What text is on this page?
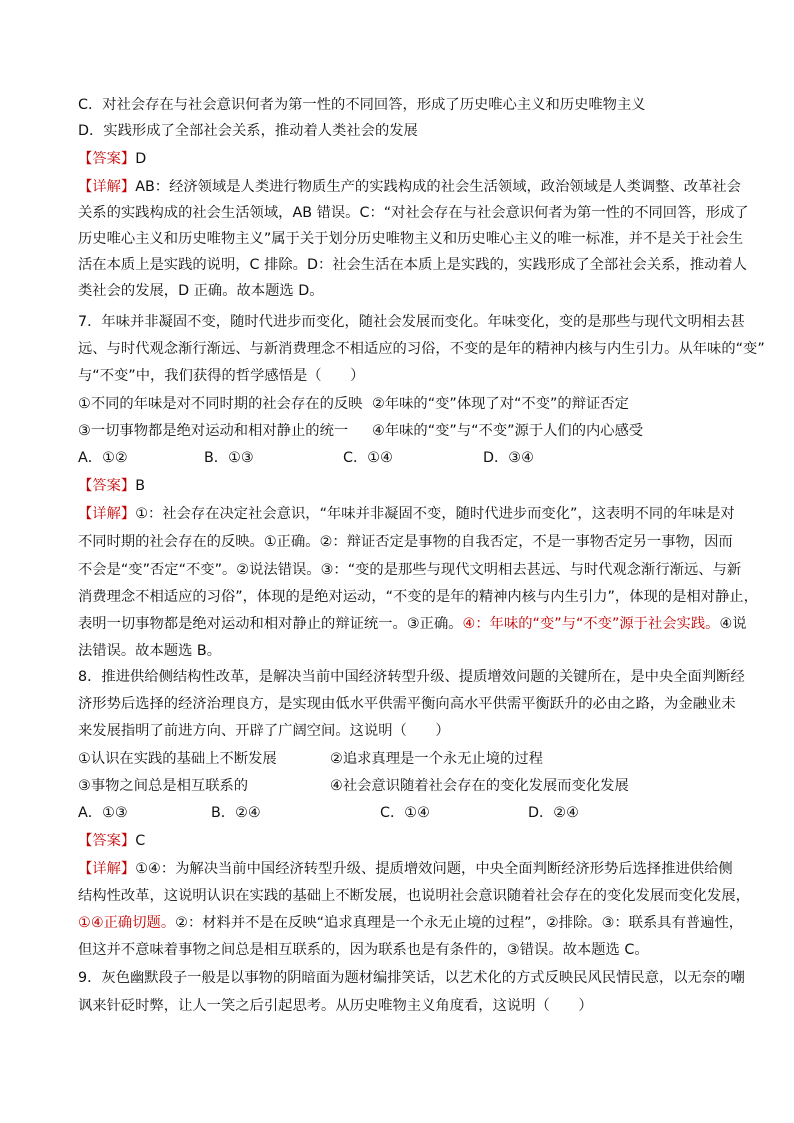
C．对社会存在与社会意识何者为第一性的不同回答，形成了历史唯心主义和历史唯物主义
D．实践形成了全部社会关系，推动着人类社会的发展
【答案】D
【详解】AB：经济领域是人类进行物质生产的实践构成的社会生活领域，政治领域是人类调整、改革社会
关系的实践构成的社会生活领域，AB 错误。C：“对社会存在与社会意识何者为第一性的不同回答，形成了
历史唯心主义和历史唯物主义”属于关于划分历史唯物主义和历史唯心主义的唯一标准，并不是关于社会生
活在本质上是实践的说明，C 排除。D：社会生活在本质上是实践的，实践形成了全部社会关系，推动着人
类社会的发展，D 正确。故本题选 D。
7．年味并非凝固不变，随时代进步而变化，随社会发展而变化。年味变化，变的是那些与现代文明相去甚
远、与时代观念渐行渐远、与新消费理念不相适应的习俗，不变的是年的精神内核与内生引力。从年味的“变”
与“不变”中，我们获得的哲学感悟是（　　）
①不同的年味是对不同时期的社会存在的反映 ②年味的“变”体现了对“不变”的辩证否定
③一切事物都是绝对运动和相对静止的统一 ④年味的“变”与“不变”源于人们的内心感受
A．①②	B．①③	C．①④	D．③④
【答案】B
【详解】①：社会存在决定社会意识，“年味并非凝固不变，随时代进步而变化”，这表明不同的年味是对
不同时期的社会存在的反映。①正确。②：辩证否定是事物的自我否定，不是一事物否定另一事物，因而
不会是“变”否定“不变”。②说法错误。③：“变的是那些与现代文明相去甚远、与时代观念渐行渐远、与新
消费理念不相适应的习俗”，体现的是绝对运动，“不变的是年的精神内核与内生引力”，体现的是相对静止，
表明一切事物都是绝对运动和相对静止的辩证统一。③正确。④：年味的“变”与“不变”源于社会实践。④说
法错误。故本题选 B。
8．推进供给侧结构性改革，是解决当前中国经济转型升级、提质增效问题的关键所在，是中央全面判断经
济形势后选择的经济治理良方，是实现由低水平供需平衡向高水平供需平衡跃升的必由之路，为金融业未
来发展指明了前进方向、开辟了广阔空间。这说明（　　）
①认识在实践的基础上不断发展	②追求真理是一个永无止境的过程
③事物之间总是相互联系的	④社会意识随着社会存在的变化发展而变化发展
A．①③	B．②④	C．①④	D．②④
【答案】C
【详解】①④：为解决当前中国经济转型升级、提质增效问题，中央全面判断经济形势后选择推进供给侧
结构性改革，这说明认识在实践的基础上不断发展，也说明社会意识随着社会存在的变化发展而变化发展，
①④正确切题。②：材料并不是在反映“追求真理是一个永无止境的过程”，②排除。③：联系具有普遍性，
但这并不意味着事物之间总是相互联系的，因为联系也是有条件的，③错误。故本题选 C。
9．灰色幽默段子一般是以事物的阴暗面为题材编排笑话，以艺术化的方式反映民风民情民意，以无奈的嘲
讽来针砭时弊，让人一笑之后引起思考。从历史唯物主义角度看，这说明（　　）
